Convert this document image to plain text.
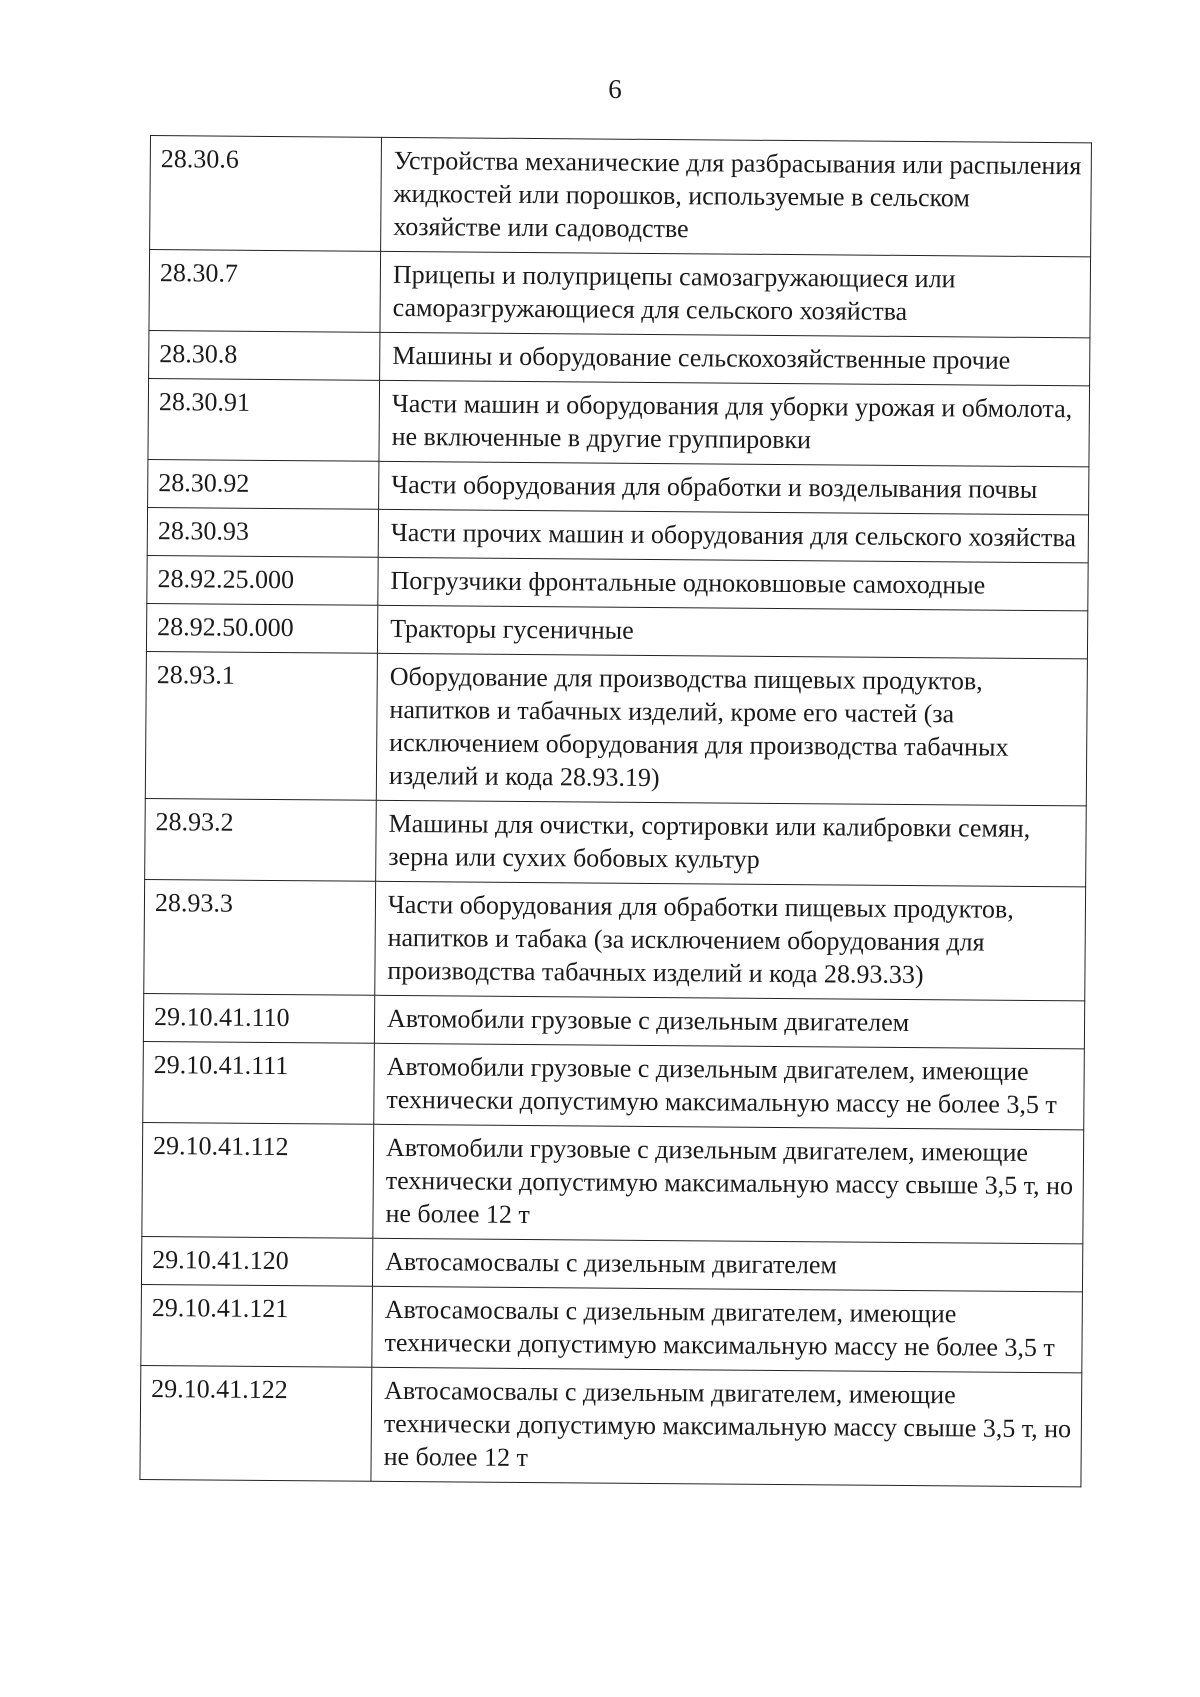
6
28.30.6	Устройства механические для разбрасывания или распыления жидкостей или порошков, используемые в сельском хозяйстве или садоводстве
28.30.7	Прицепы и полуприцепы самозагружающиеся или саморазгружающиеся для сельского хозяйства
28.30.8	Машины и оборудование сельскохозяйственные прочие
28.30.91	Части машин и оборудования для уборки урожая и обмолота, не включенные в другие группировки
28.30.92	Части оборудования для обработки и возделывания почвы
28.30.93	Части прочих машин и оборудования для сельского хозяйства
28.92.25.000	Погрузчики фронтальные одноковшовые самоходные
28.92.50.000	Тракторы гусеничные
28.93.1	Оборудование для производства пищевых продуктов, напитков и табачных изделий, кроме его частей (за исключением оборудования для производства табачных изделий и кода 28.93.19)
28.93.2	Машины для очистки, сортировки или калибровки семян, зерна или сухих бобовых культур
28.93.3	Части оборудования для обработки пищевых продуктов, напитков и табака (за исключением оборудования для производства табачных изделий и кода 28.93.33)
29.10.41.110	Автомобили грузовые с дизельным двигателем
29.10.41.111	Автомобили грузовые с дизельным двигателем, имеющие технически допустимую максимальную массу не более 3,5 т
29.10.41.112	Автомобили грузовые с дизельным двигателем, имеющие технически допустимую максимальную массу свыше 3,5 т, но не более 12 т
29.10.41.120	Автосамосвалы с дизельным двигателем
29.10.41.121	Автосамосвалы с дизельным двигателем, имеющие технически допустимую максимальную массу не более 3,5 т
29.10.41.122	Автосамосвалы с дизельным двигателем, имеющие технически допустимую максимальную массу свыше 3,5 т, но не более 12 т
